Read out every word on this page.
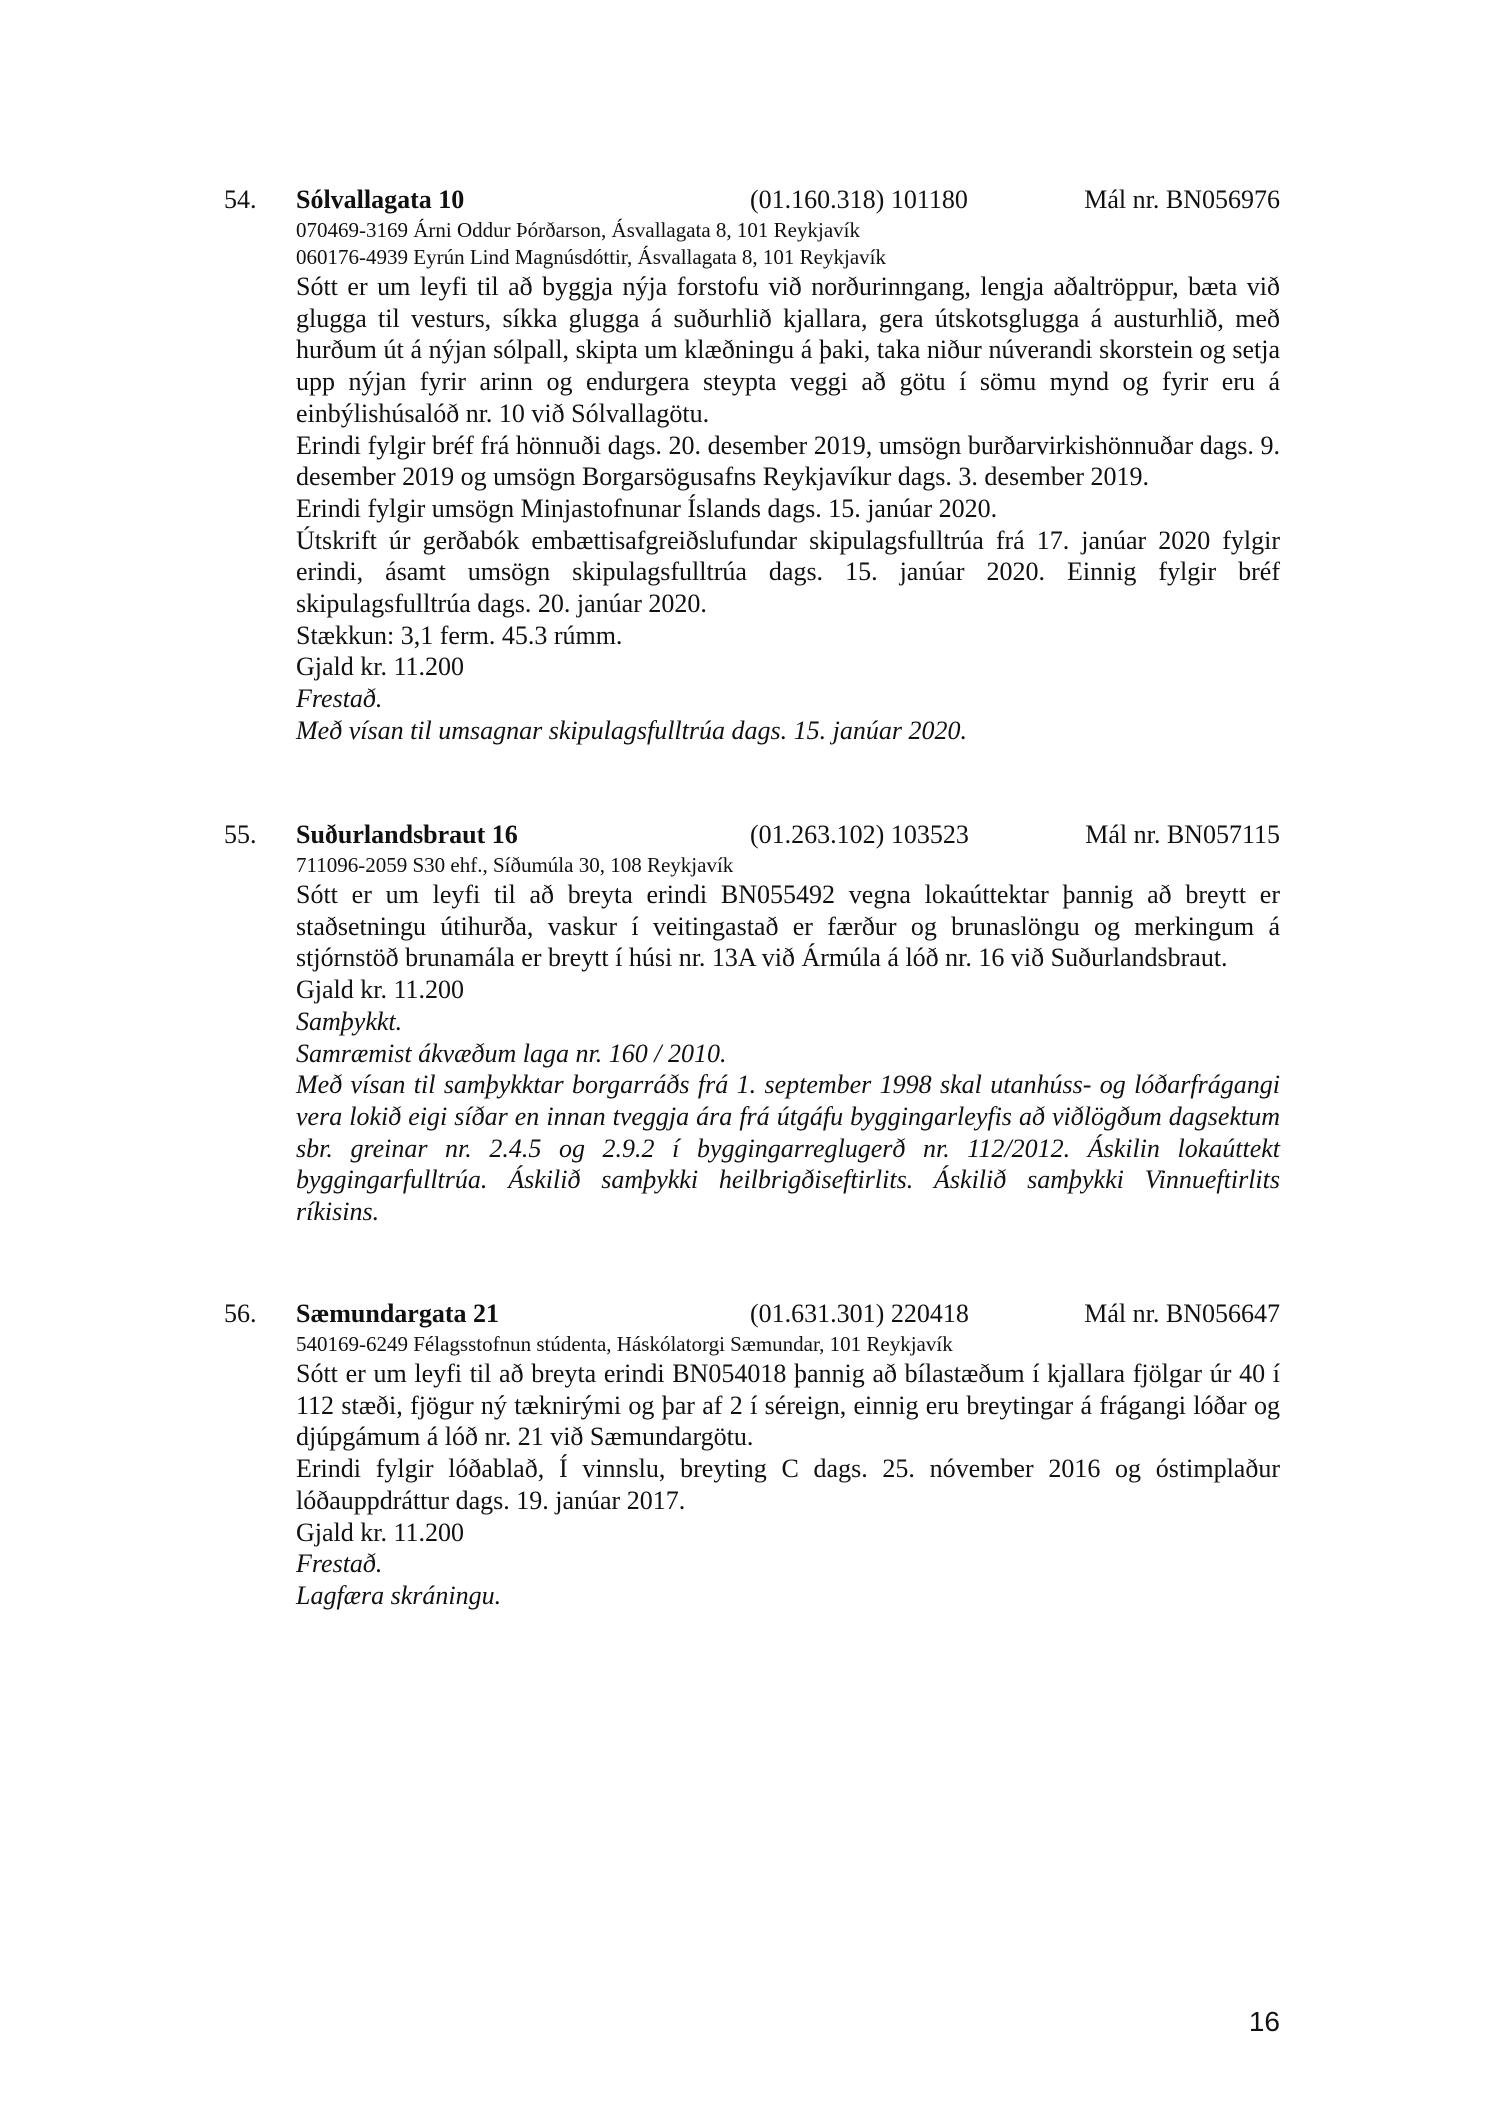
54. Sólvallagata 10	(01.160.318) 101180	Mál nr. BN056976

070469-3169 Árni Oddur Þórðarson, Ásvallagata 8, 101 Reykjavík

060176-4939 Eyrún Lind Magnúsdóttir, Ásvallagata 8, 101 Reykjavík

Sótt er um leyfi til að byggja nýja forstofu við norðurinngang, lengja aðaltröppur, bæta við glugga til vesturs, síkka glugga á suðurhlið kjallara, gera útskotsglugga á austurhlið, með hurðum út á nýjan sólpall, skipta um klæðningu á þaki, taka niður núverandi skorstein og setja upp nýjan fyrir arinn og endurgera steypta veggi að götu í sömu mynd og fyrir eru á einbýlishúsalóð nr. 10 við Sólvallagötu.

Erindi fylgir bréf frá hönnuði dags. 20. desember 2019, umsögn burðarvirkishönnuðar dags. 9. desember 2019 og umsögn Borgarsögusafns Reykjavíkur dags. 3. desember 2019.

Erindi fylgir umsögn Minjastofnunar Íslands dags. 15. janúar 2020.

Útskrift úr gerðabók embættisafgreiðslufundar skipulagsfulltrúa frá 17. janúar 2020 fylgir erindi, ásamt umsögn skipulagsfulltrúa dags. 15. janúar 2020. Einnig fylgir bréf skipulagsfulltrúa dags. 20. janúar 2020.

Stækkun: 3,1 ferm. 45.3 rúmm.

Gjald kr. 11.200

Frestað.

Með vísan til umsagnar skipulagsfulltrúa dags. 15. janúar 2020.

55. Suðurlandsbraut 16	(01.263.102) 103523	Mál nr. BN057115

711096-2059 S30 ehf., Síðumúla 30, 108 Reykjavík

Sótt er um leyfi til að breyta erindi BN055492 vegna lokaúttektar þannig að breytt er staðsetningu útihurða, vaskur í veitingastað er færður og brunaslöngu og merkingum á stjórnstöð brunamála er breytt í húsi nr. 13A við Ármúla á lóð nr. 16 við Suðurlandsbraut.

Gjald kr. 11.200

Samþykkt.

Samræmist ákvæðum laga nr. 160 / 2010.

Með vísan til samþykktar borgarráðs frá 1. september 1998 skal utanhúss- og lóðarfrágangi vera lokið eigi síðar en innan tveggja ára frá útgáfu byggingarleyfis að viðlögðum dagsektum sbr. greinar nr. 2.4.5 og 2.9.2 í byggingarreglugerð nr. 112/2012. Áskilin lokaúttekt byggingarfulltrúa. Áskilið samþykki heilbrigðiseftirlits. Áskilið samþykki Vinnueftirlits ríkisins.

56. Sæmundargata 21	(01.631.301) 220418	Mál nr. BN056647

540169-6249 Félagsstofnun stúdenta, Háskólatorgi Sæmundar, 101 Reykjavík

Sótt er um leyfi til að breyta erindi BN054018 þannig að bílastæðum í kjallara fjölgar úr 40 í 112 stæði, fjögur ný tæknirými og þar af 2 í séreign, einnig eru breytingar á frágangi lóðar og djúpgámum á lóð nr. 21 við Sæmundargötu.

Erindi fylgir lóðablað, Í vinnslu, breyting C dags. 25. nóvember 2016 og óstimplaður lóðauppdráttur dags. 19. janúar 2017.

Gjald kr. 11.200

Frestað.

Lagfæra skráningu.

16
